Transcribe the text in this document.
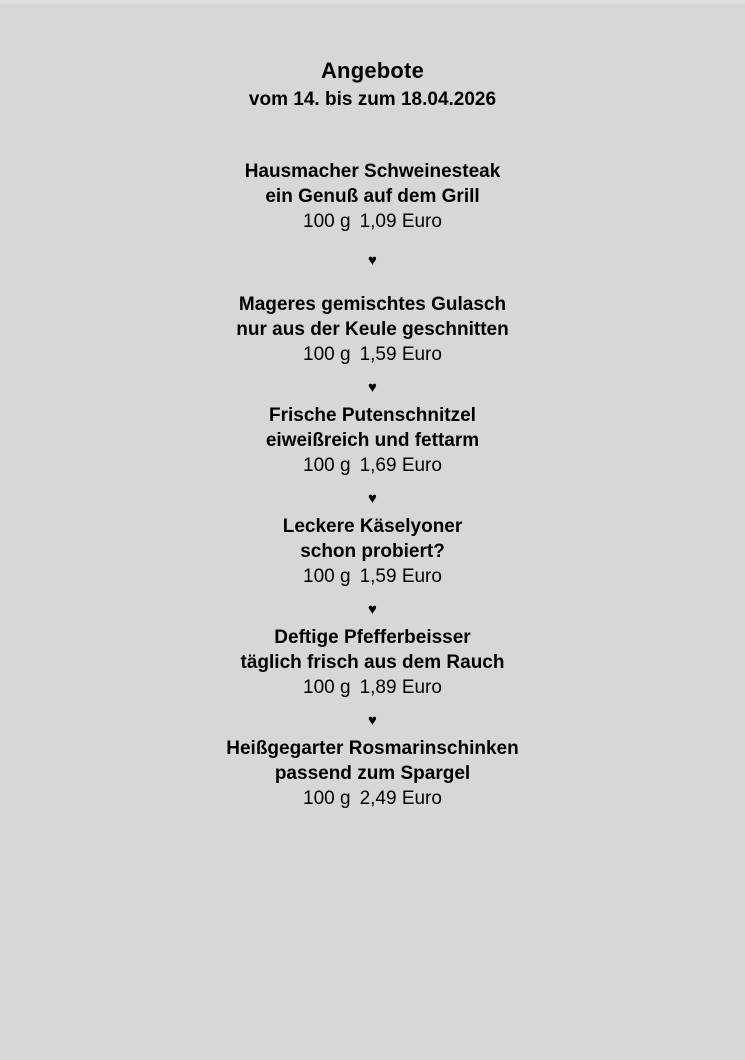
Angebote

vom 14. bis zum 18.04.2026

Hausmacher Schweinesteak

ein Genuß auf dem Grill

100 g 1,09 Euro

♥

Mageres gemischtes Gulasch

nur aus der Keule geschnitten

100 g 1,59 Euro

♥

Frische Putenschnitzel

eiweißreich und fettarm

100 g 1,69 Euro

♥

Leckere Käselyoner

schon probiert?

100 g 1,59 Euro

♥

Deftige Pfefferbeisser

täglich frisch aus dem Rauch

100 g 1,89 Euro

♥

Heißgegarter Rosmarinschinken

passend zum Spargel

100 g 2,49 Euro
